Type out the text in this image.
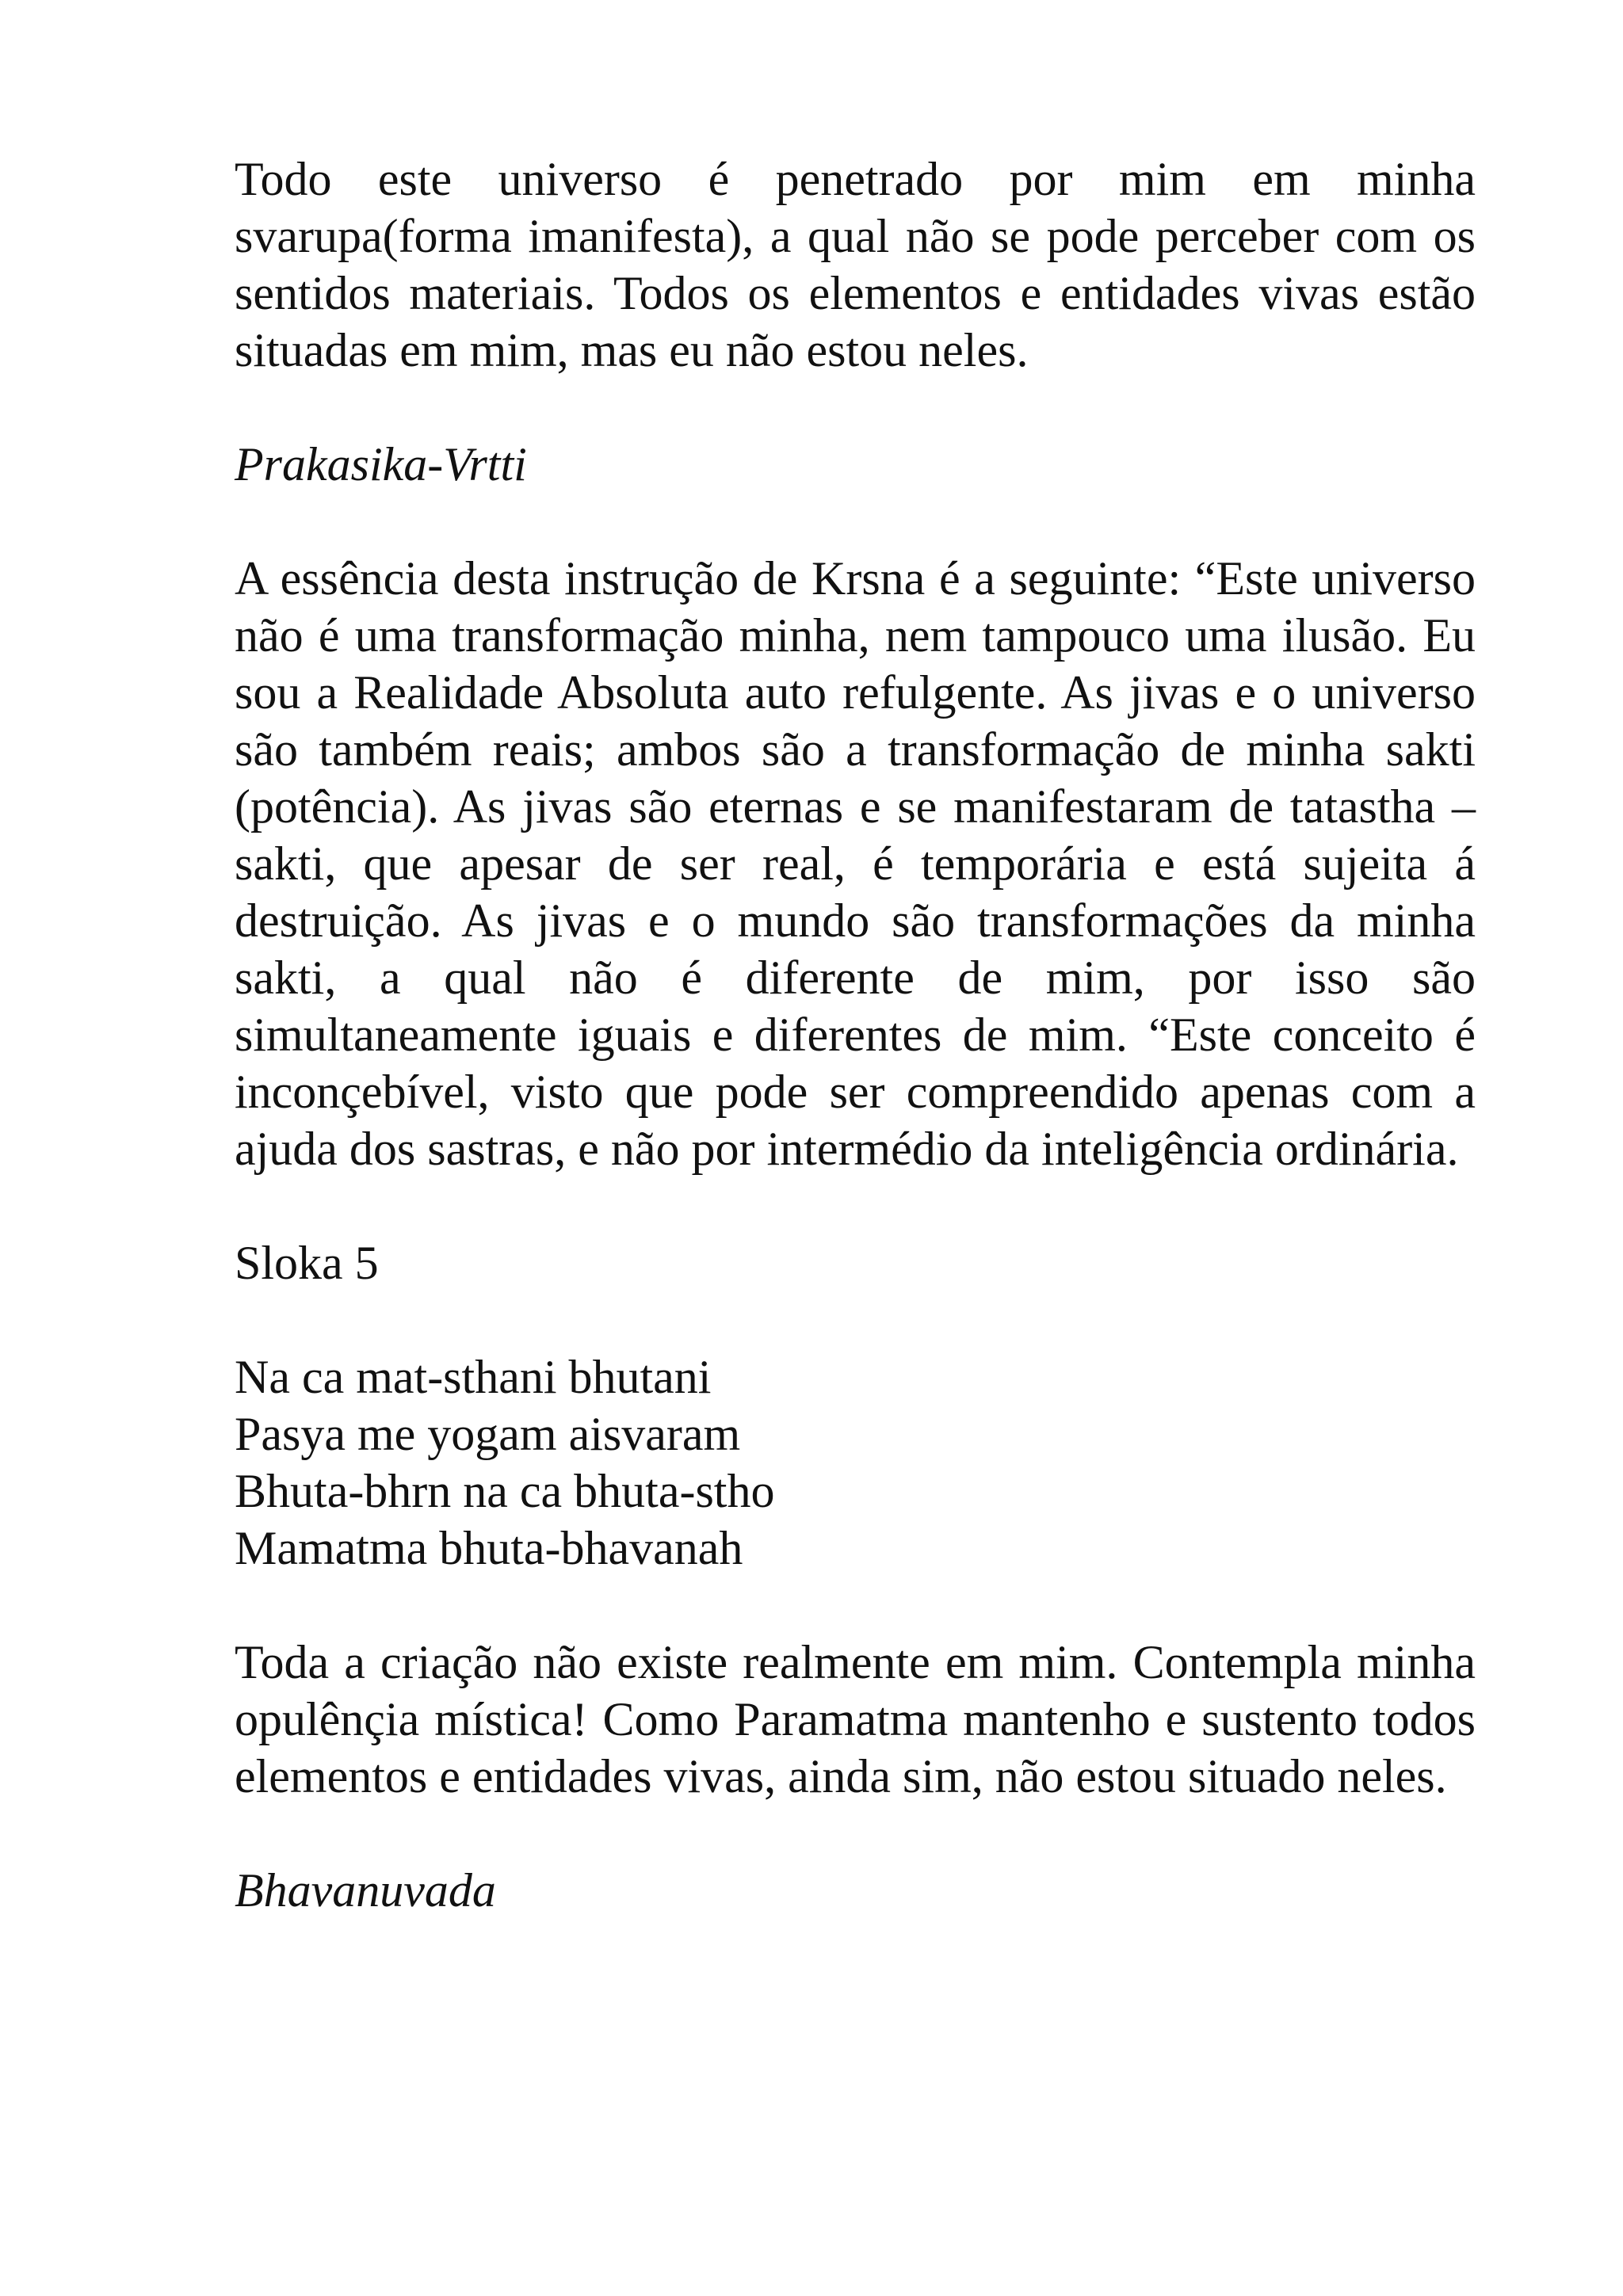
Todo este universo é penetrado por mim em minha svarupa(forma imanifesta), a qual não se pode perceber com os sentidos materiais. Todos os elementos e entidades vivas estão situadas em mim, mas eu não estou neles.

Prakasika-Vrtti

A essência desta instrução de Krsna é a seguinte: “Este universo não é uma transformação minha, nem tampouco uma ilusão. Eu sou a Realidade Absoluta auto refulgente. As jivas e o universo são também reais; ambos são a transformação de minha sakti (potência). As jivas são eternas e se manifestaram de tatastha – sakti, que apesar de ser real, é temporária e está sujeita á destruição. As jivas e o mundo são transformações da minha sakti, a qual não é diferente de mim, por isso são simultaneamente iguais e diferentes de mim. “Este conceito é inconçebível, visto que pode ser compreendido apenas com a ajuda dos sastras, e não por intermédio da inteligência ordinária.

Sloka 5

Na ca mat-sthani bhutani
Pasya me yogam aisvaram
Bhuta-bhrn na ca bhuta-stho
Mamatma bhuta-bhavanah

Toda a criação não existe realmente em mim. Contempla minha opulênçia mística! Como Paramatma mantenho e sustento todos elementos e entidades vivas, ainda sim, não estou situado neles.

Bhavanuvada
